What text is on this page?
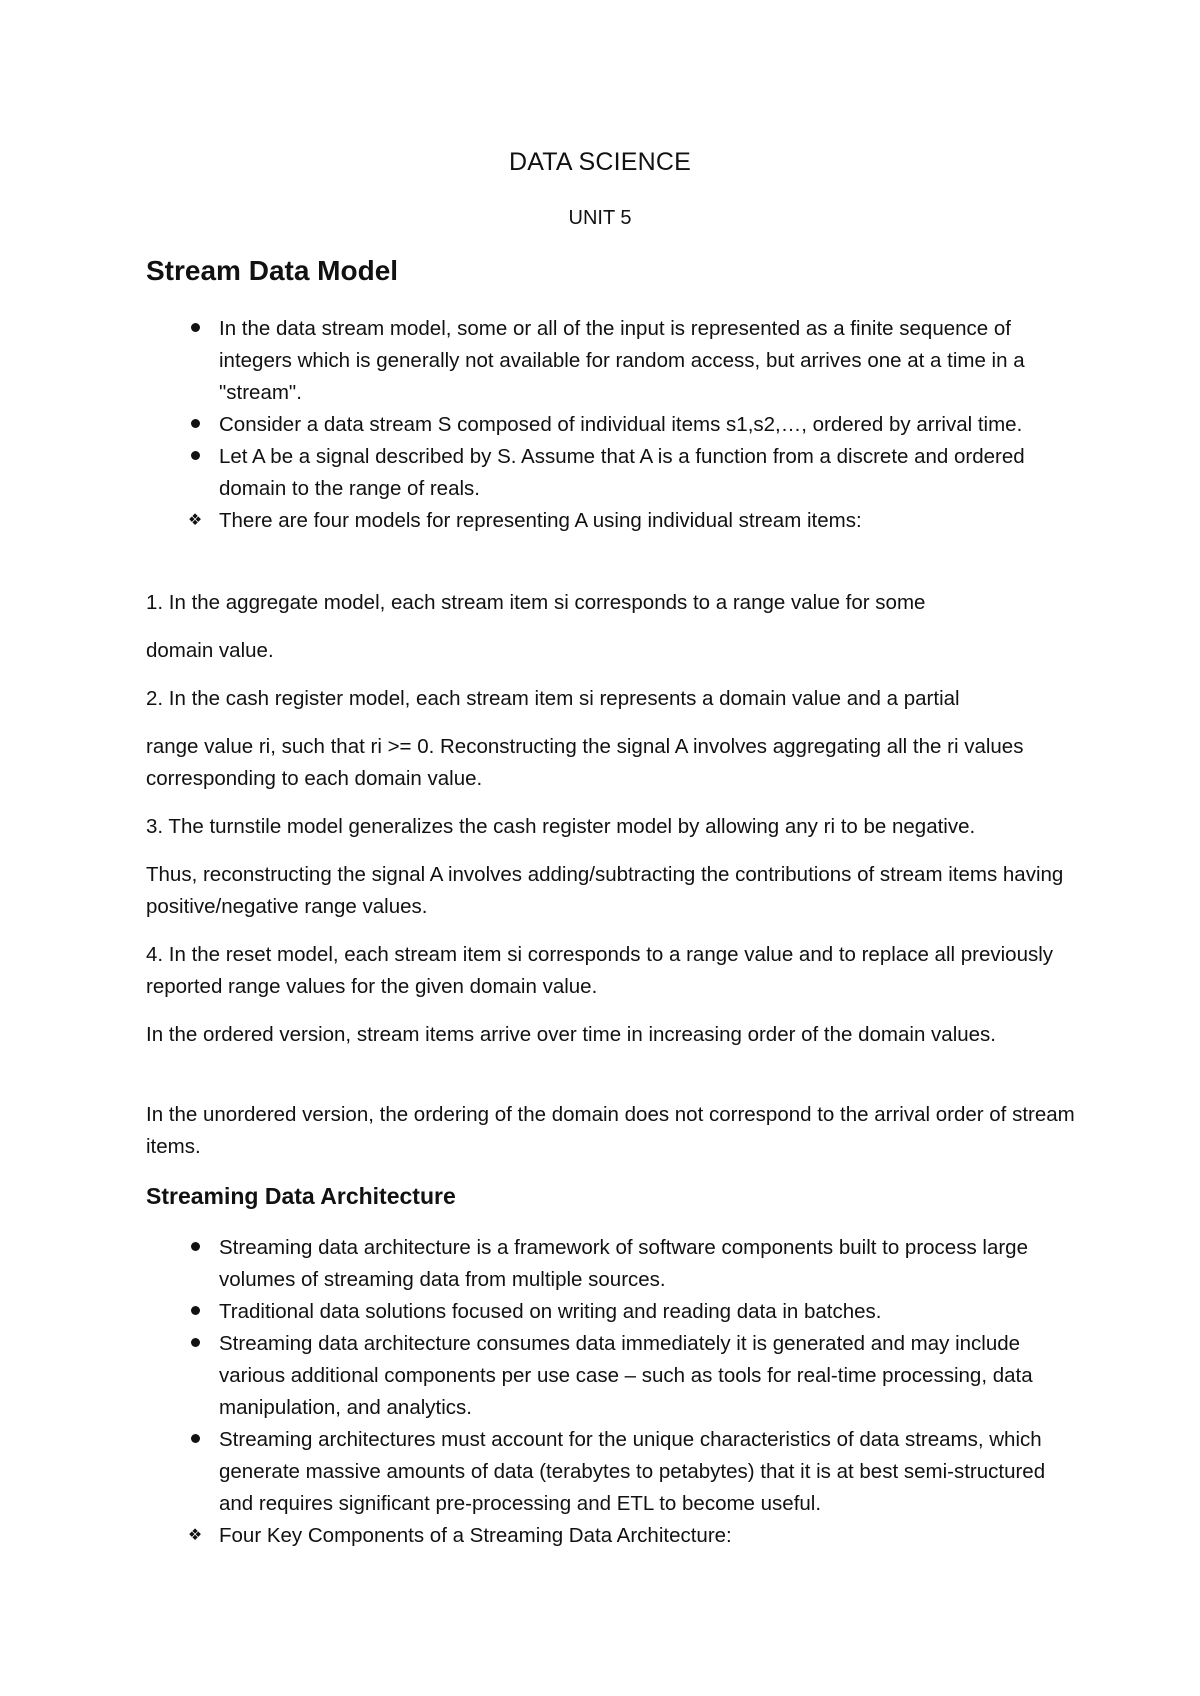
DATA SCIENCE
UNIT 5
Stream Data Model
In the data stream model, some or all of the input is represented as a finite sequence of integers which is generally not available for random access, but arrives one at a time in a "stream".
Consider a data stream S composed of individual items s1,s2,…, ordered by arrival time.
Let A be a signal described by S. Assume that A is a function from a discrete and ordered domain to the range of reals.
❖ There are four models for representing A using individual stream items:

1. In the aggregate model, each stream item si corresponds to a range value for some

domain value.

2. In the cash register model, each stream item si represents a domain value and a partial

range value ri, such that ri >= 0. Reconstructing the signal A involves aggregating all the ri values corresponding to each domain value.

3. The turnstile model generalizes the cash register model by allowing any ri to be negative.

Thus, reconstructing the signal A involves adding/subtracting the contributions of stream items having positive/negative range values.

4. In the reset model, each stream item si corresponds to a range value and to replace all previously reported range values for the given domain value.

In the ordered version, stream items arrive over time in increasing order of the domain values.

In the unordered version, the ordering of the domain does not correspond to the arrival order of stream items.

Streaming Data Architecture
Streaming data architecture is a framework of software components built to process large volumes of streaming data from multiple sources.
Traditional data solutions focused on writing and reading data in batches.
Streaming data architecture consumes data immediately it is generated and may include various additional components per use case – such as tools for real-time processing, data manipulation, and analytics.
Streaming architectures must account for the unique characteristics of data streams, which generate massive amounts of data (terabytes to petabytes) that it is at best semi-structured and requires significant pre-processing and ETL to become useful.
❖ Four Key Components of a Streaming Data Architecture:
